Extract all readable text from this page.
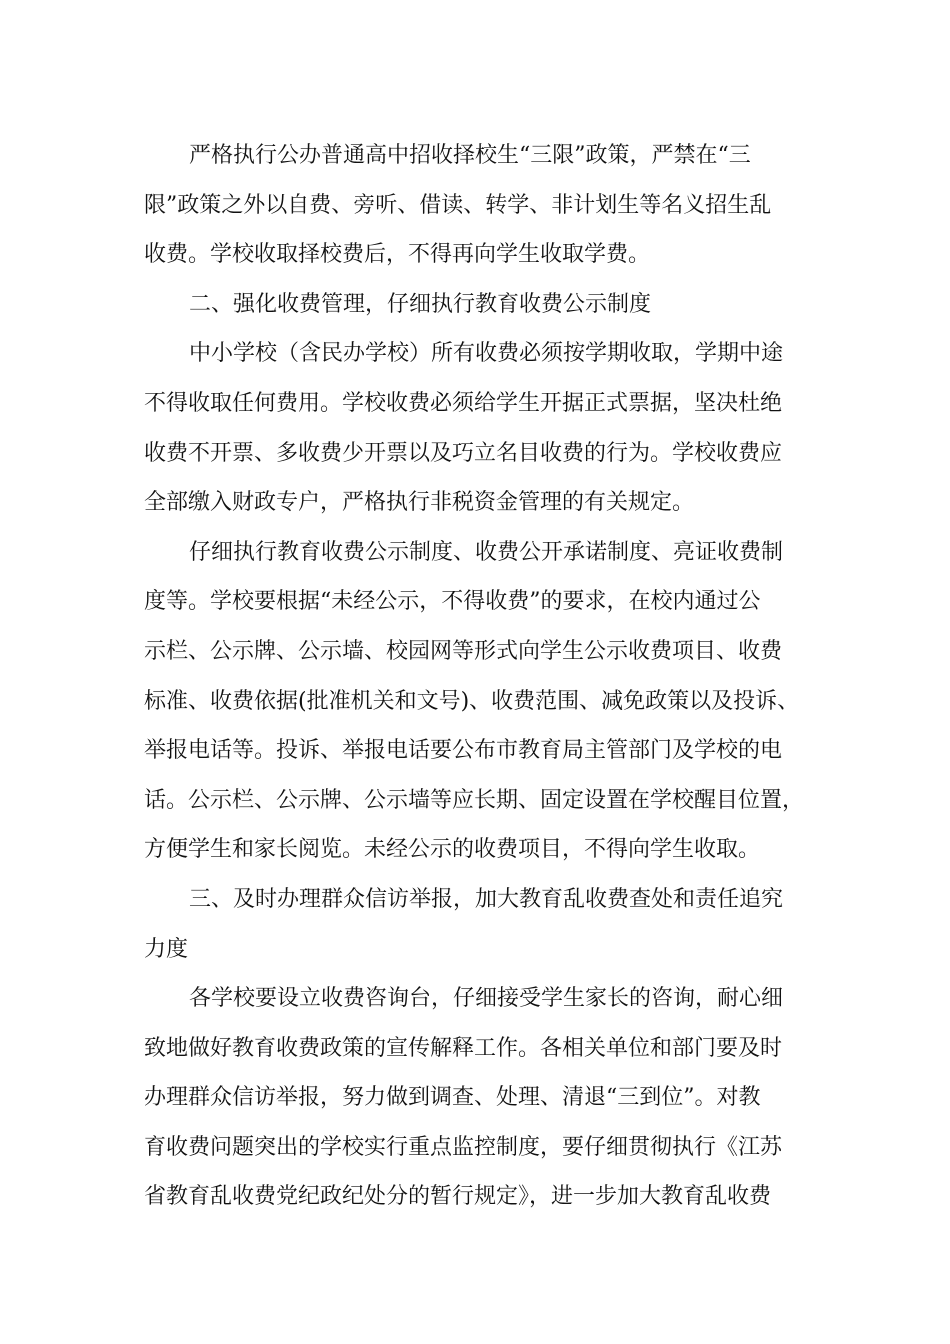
严格执行公办普通高中招收择校生“三限”政策，严禁在“三
限”政策之外以自费、旁听、借读、转学、非计划生等名义招生乱
收费。学校收取择校费后，不得再向学生收取学费。
二、强化收费管理，仔细执行教育收费公示制度
中小学校（含民办学校）所有收费必须按学期收取，学期中途
不得收取任何费用。学校收费必须给学生开据正式票据，坚决杜绝
收费不开票、多收费少开票以及巧立名目收费的行为。学校收费应
全部缴入财政专户，严格执行非税资金管理的有关规定。
仔细执行教育收费公示制度、收费公开承诺制度、亮证收费制
度等。学校要根据“未经公示，不得收费”的要求，在校内通过公
示栏、公示牌、公示墙、校园网等形式向学生公示收费项目、收费
标准、收费依据(批准机关和文号)、收费范围、减免政策以及投诉、
举报电话等。投诉、举报电话要公布市教育局主管部门及学校的电
话。公示栏、公示牌、公示墙等应长期、固定设置在学校醒目位置，
方便学生和家长阅览。未经公示的收费项目，不得向学生收取。
三、及时办理群众信访举报，加大教育乱收费查处和责任追究
力度
各学校要设立收费咨询台，仔细接受学生家长的咨询，耐心细
致地做好教育收费政策的宣传解释工作。各相关单位和部门要及时
办理群众信访举报，努力做到调查、处理、清退“三到位”。对教
育收费问题突出的学校实行重点监控制度，要仔细贯彻执行《江苏
省教育乱收费党纪政纪处分的暂行规定》，进一步加大教育乱收费
